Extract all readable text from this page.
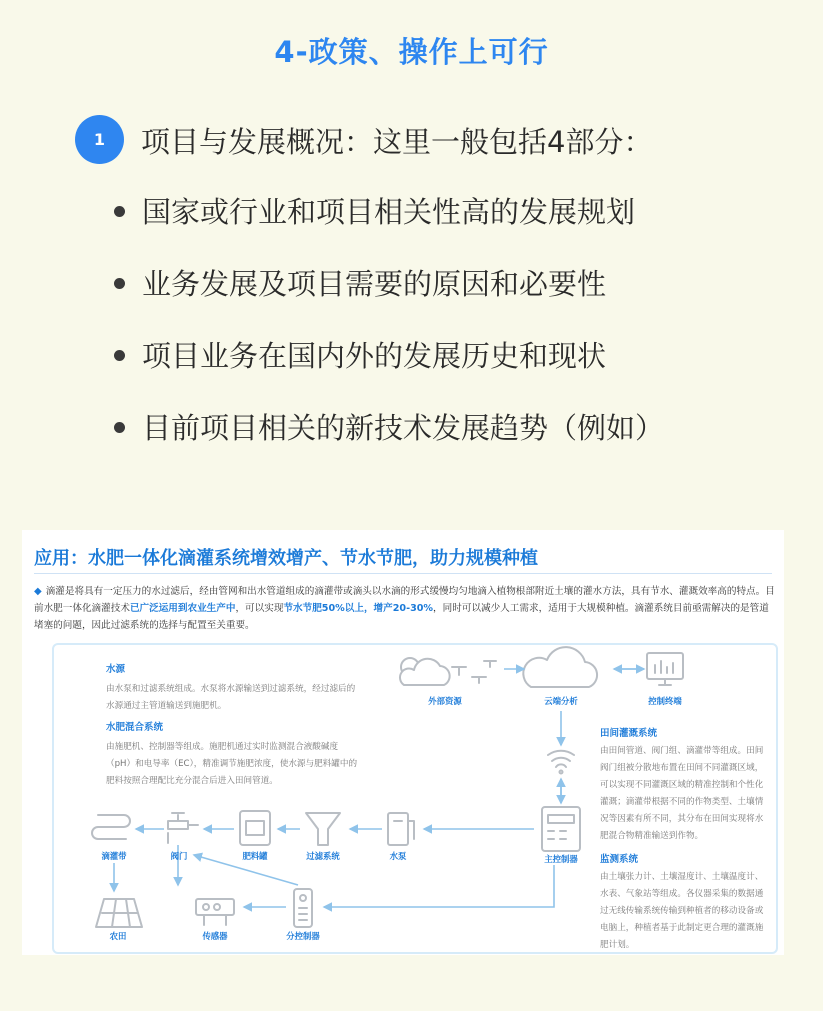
4-政策、操作上可行
1	项目与发展概况：这里一般包括4部分：
国家或行业和项目相关性高的发展规划
业务发展及项目需要的原因和必要性
项目业务在国内外的发展历史和现状
目前项目相关的新技术发展趋势（例如）
应用：水肥一体化滴灌系统增效增产、节水节肥，助力规模种植
◆ 滴灌是将具有一定压力的水过滤后，经由管网和出水管道组成的滴灌带或滴头以水滴的形式缓慢均匀地滴入植物根部附近土壤的灌水方法，具有节水、灌溉效率高的特点。目前水肥一体化滴灌技术已广泛运用到农业生产中，可以实现节水节肥50%以上，增产20-30%，同时可以减少人工需求，适用于大规模种植。滴灌系统目前亟需解决的是管道堵塞的问题，因此过滤系统的选择与配置至关重要。
水源
由水泵和过滤系统组成。水泵将水源输送到过滤系统，经过滤后的水源通过主管道输送到施肥机。
水肥混合系统
由施肥机、控制器等组成。施肥机通过实时监测混合液酸碱度（pH）和电导率（EC），精准调节施肥浓度，使水源与肥料罐中的肥料按照合理配比充分混合后进入田间管道。
田间灌溉系统
由田间管道、阀门组、滴灌带等组成。田间阀门组被分散地布置在田间不同灌溉区域，可以实现不同灌溉区域的精准控制和个性化灌溉；滴灌带根据不同的作物类型、土壤情况等因素有所不同，其分布在田间实现将水肥混合物精准输送到作物。
监测系统
由土壤张力计、土壤湿度计、土壤温度计、水表、气象站等组成。各仪器采集的数据通过无线传输系统传输到种植者的移动设备或电脑上，种植者基于此制定更合理的灌溉施肥计划。
外部资源	云端分析	控制终端
滴灌带	阀门	肥料罐	过滤系统	水泵	主控制器
农田	传感器	分控制器
